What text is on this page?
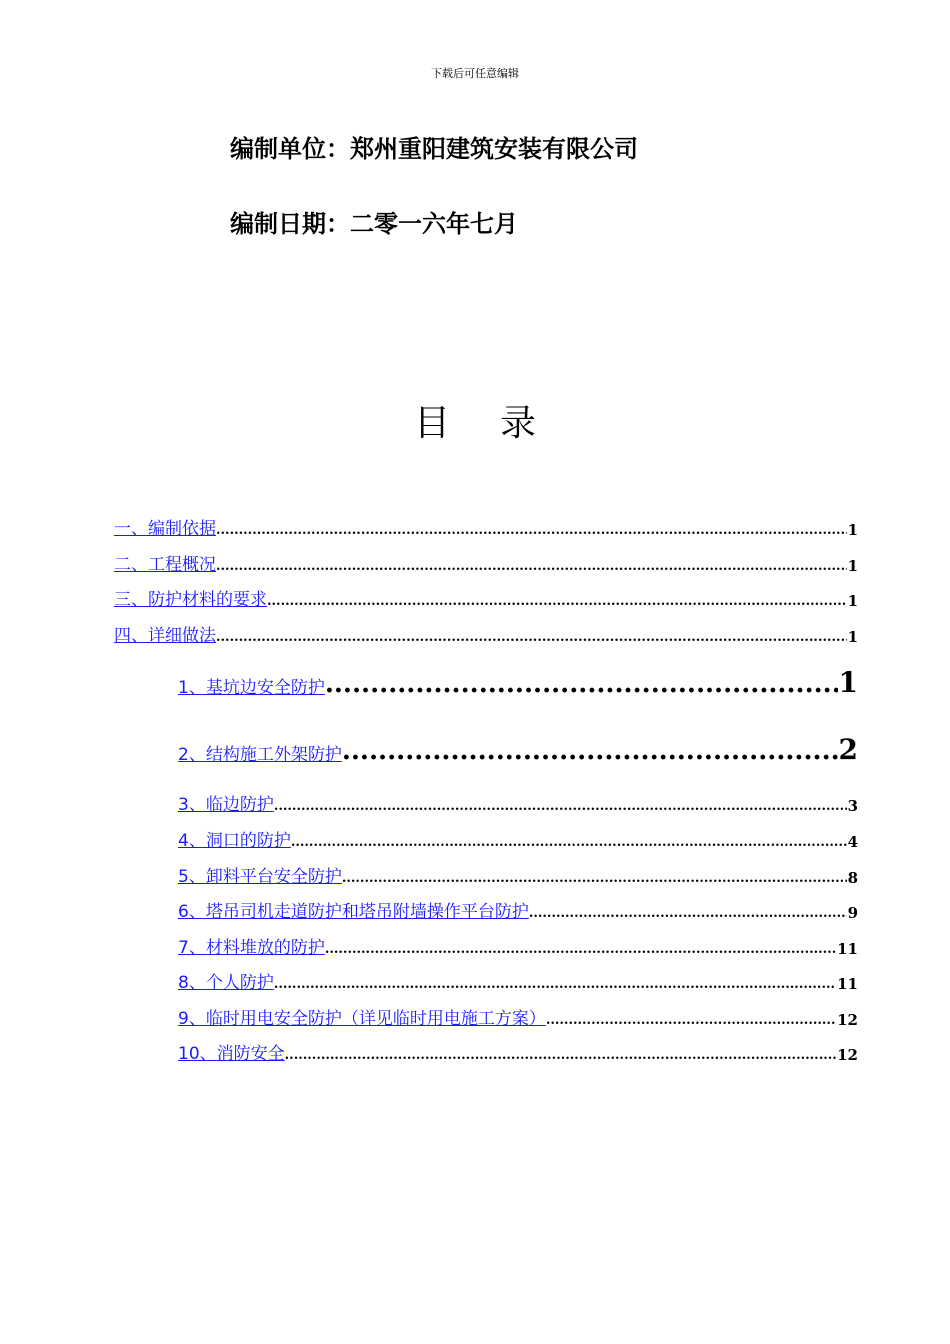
下载后可任意编辑
编制单位：郑州重阳建筑安装有限公司
编制日期：二零一六年七月
目录
一、编制依据 .....	1
二、工程概况 .....	1
三、防护材料的要求 .....	1
四、详细做法 .....	1
1、基坑边安全防护 .....	1
2、结构施工外架防护 .....	2
3、临边防护 .....	3
4、洞口的防护 .....	4
5、卸料平台安全防护 .....	8
6、塔吊司机走道防护和塔吊附墙操作平台防护 .....	9
7、材料堆放的防护 .....	11
8、个人防护 .....	11
9、临时用电安全防护（详见临时用电施工方案） .....	12
10、消防安全 .....	12
